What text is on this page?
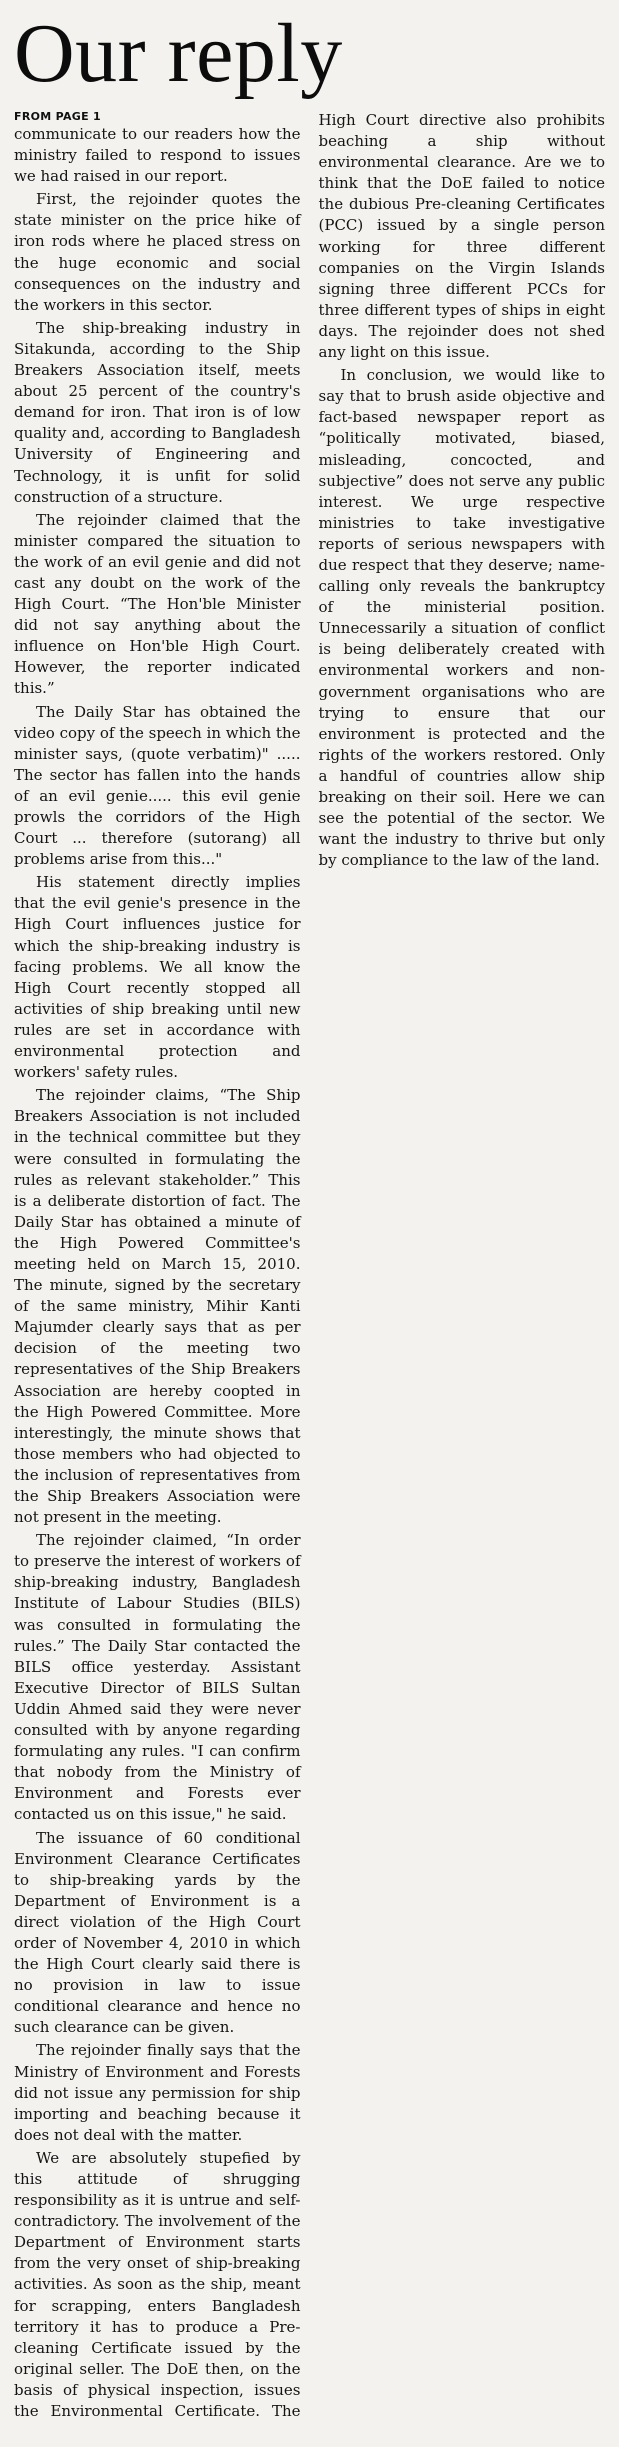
Our reply
FROM PAGE 1

communicate to our readers how the ministry failed to respond to issues we had raised in our report.

First, the rejoinder quotes the state minister on the price hike of iron rods where he placed stress on the huge economic and social consequences on the industry and the workers in this sector.

The ship-breaking industry in Sitakunda, according to the Ship Breakers Association itself, meets about 25 percent of the country's demand for iron. That iron is of low quality and, according to Bangladesh University of Engineering and Technology, it is unfit for solid construction of a structure.

The rejoinder claimed that the minister compared the situation to the work of an evil genie and did not cast any doubt on the work of the High Court. “The Hon'ble Minister did not say anything about the influence on Hon'ble High Court. However, the reporter indicated this.”

The Daily Star has obtained the video copy of the speech in which the minister says, (quote verbatim)" ..... The sector has fallen into the hands of an evil genie..... this evil genie prowls the corridors of the High Court ... therefore (sutorang) all problems arise from this..."

His statement directly implies that the evil genie's presence in the High Court influences justice for which the ship-breaking industry is facing problems. We all know the High Court recently stopped all activities of ship breaking until new rules are set in accordance with environmental protection and workers' safety rules.

The rejoinder claims, “The Ship Breakers Association is not included in the technical committee but they were consulted in formulating the rules as relevant stakeholder.” This is a deliberate distortion of fact. The Daily Star has obtained a minute of the High Powered Committee's meeting held on March 15, 2010. The minute, signed by the secretary of the same ministry, Mihir Kanti Majumder clearly says that as per decision of the meeting two representatives of the Ship Breakers Association are hereby coopted in the High Powered Committee. More interestingly, the minute shows that those members who had objected to the inclusion of representatives from the Ship Breakers Association were not present in the meeting.

The rejoinder claimed, “In order to preserve the interest of workers of ship-breaking industry, Bangladesh Institute of Labour Studies (BILS) was consulted in formulating the rules.” The Daily Star contacted the BILS office yesterday. Assistant Executive Director of BILS Sultan Uddin Ahmed said they were never consulted with by anyone regarding formulating any rules. "I can confirm that nobody from the Ministry of Environment and Forests ever contacted us on this issue," he said.

The issuance of 60 conditional Environment Clearance Certificates to ship-breaking yards by the Department of Environment is a direct violation of the High Court order of November 4, 2010 in which the High Court clearly said there is no provision in law to issue conditional clearance and hence no such clearance can be given.

The rejoinder finally says that the Ministry of Environment and Forests did not issue any permission for ship importing and beaching because it does not deal with the matter.

We are absolutely stupefied by this attitude of shrugging responsibility as it is untrue and self-contradictory. The involvement of the Department of Environment starts from the very onset of ship-breaking activities. As soon as the ship, meant for scrapping, enters Bangladesh territory it has to produce a Pre-cleaning Certificate issued by the original seller. The DoE then, on the basis of physical inspection, issues the Environmental Certificate. The High Court directive also prohibits beaching a ship without environmental clearance. Are we to think that the DoE failed to notice the dubious Pre-cleaning Certificates (PCC) issued by a single person working for three different companies on the Virgin Islands signing three different PCCs for three different types of ships in eight days. The rejoinder does not shed any light on this issue.

In conclusion, we would like to say that to brush aside objective and fact-based newspaper report as “politically motivated, biased, misleading, concocted, and subjective” does not serve any public interest. We urge respective ministries to take investigative reports of serious newspapers with due respect that they deserve; name-calling only reveals the bankruptcy of the ministerial position. Unnecessarily a situation of conflict is being deliberately created with environmental workers and non-government organisations who are trying to ensure that our environment is protected and the rights of the workers restored. Only a handful of countries allow ship breaking on their soil. Here we can see the potential of the sector. We want the industry to thrive but only by compliance to the law of the land.
